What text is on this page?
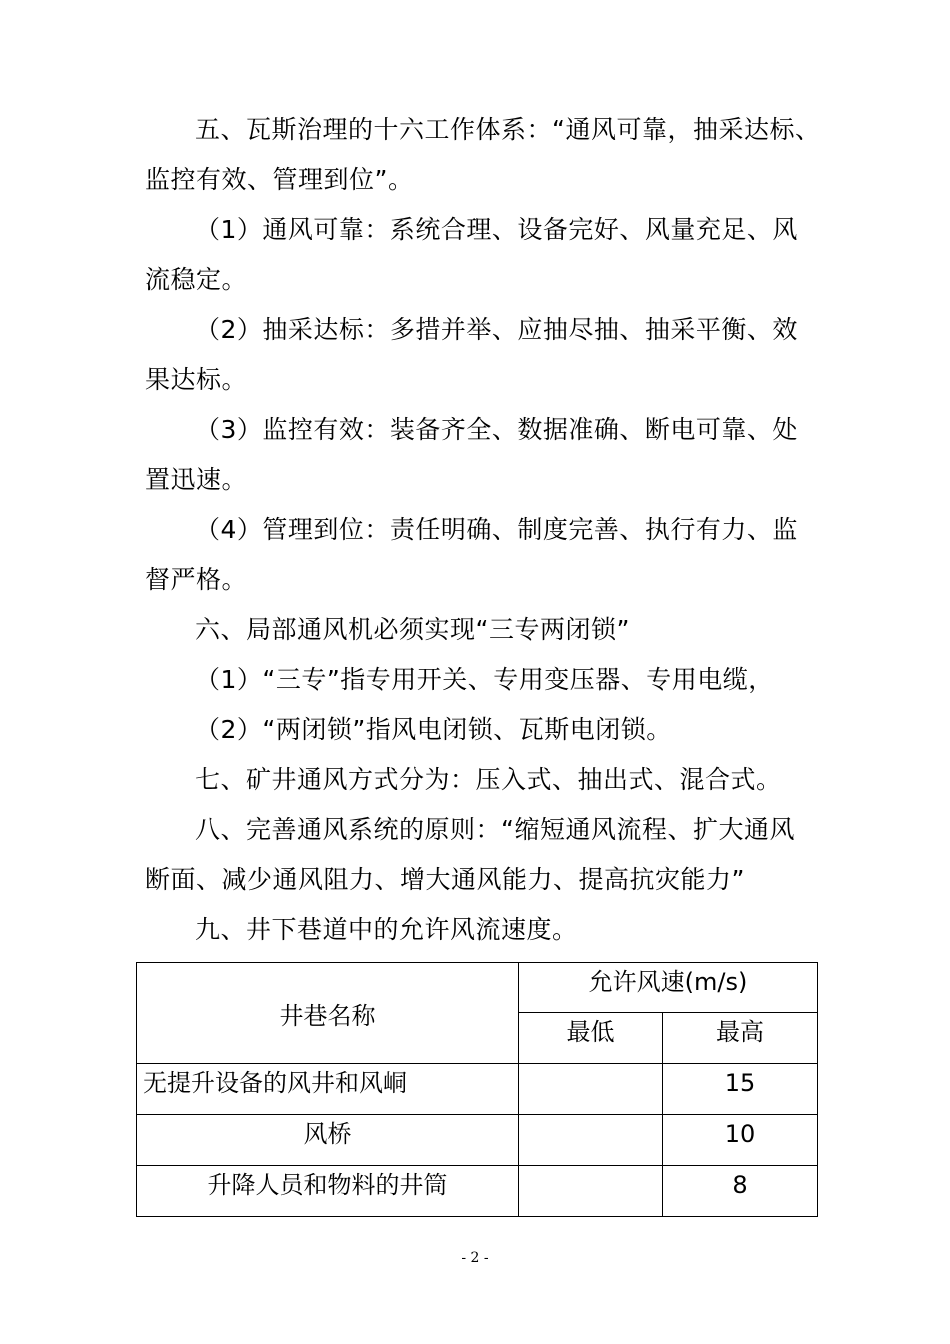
五、瓦斯治理的十六工作体系：“通风可靠，抽采达标、
监控有效、管理到位”。
（1）通风可靠：系统合理、设备完好、风量充足、风
流稳定。
（2）抽采达标：多措并举、应抽尽抽、抽采平衡、效
果达标。
（3）监控有效：装备齐全、数据准确、断电可靠、处
置迅速。
（4）管理到位：责任明确、制度完善、执行有力、监
督严格。
六、局部通风机必须实现“三专两闭锁”
（1）“三专”指专用开关、专用变压器、专用电缆，
（2）“两闭锁”指风电闭锁、瓦斯电闭锁。
七、矿井通风方式分为：压入式、抽出式、混合式。
八、完善通风系统的原则：“缩短通风流程、扩大通风
断面、减少通风阻力、增大通风能力、提高抗灾能力”
九、井下巷道中的允许风流速度。
井巷名称	允许风速(m/s)	

	最低	最高

无提升设备的风井和风峒		15

风桥		10

升降人员和物料的井筒		8
- 2 -
